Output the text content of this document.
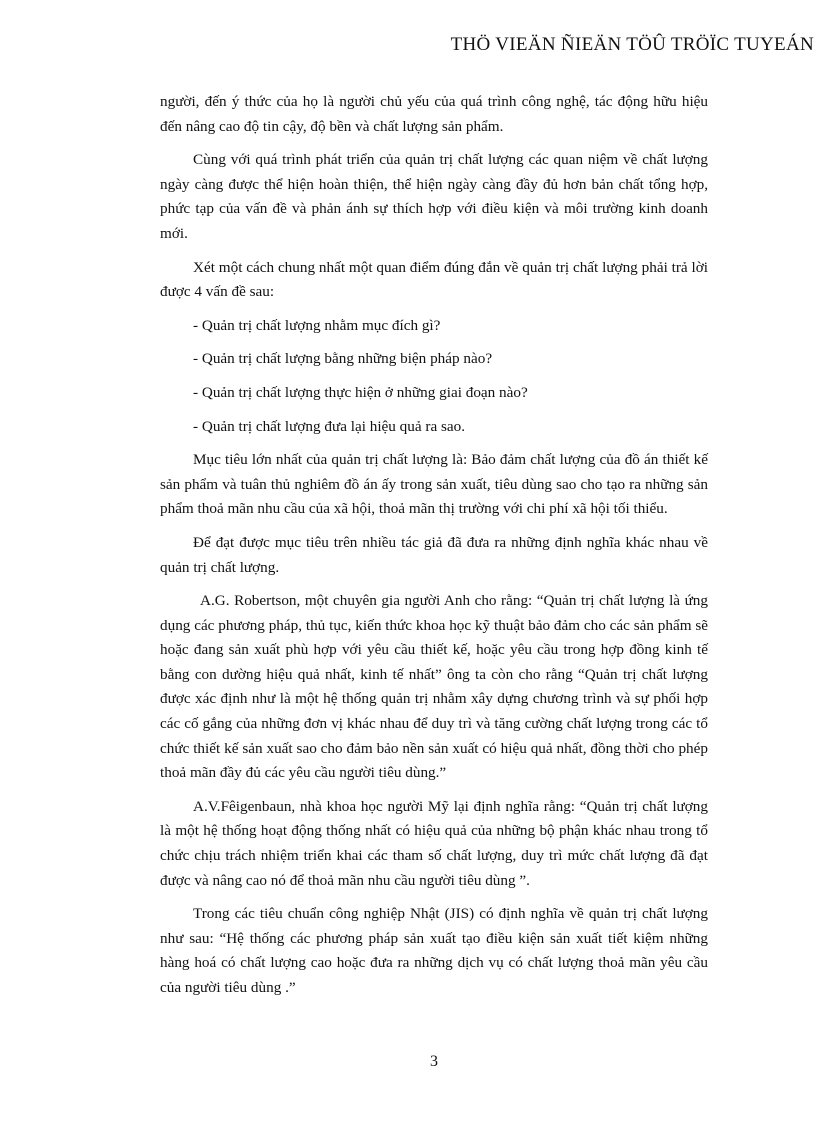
THÖ VIEÄN ÑIEÄN TÖÛ TRÖÏC TUYEÁN

người, đến ý thức của họ là người chủ yếu của quá trình công nghệ, tác động hữu hiệu đến nâng cao độ tin cậy, độ bền và chất lượng sản phẩm.

Cùng với quá trình phát triển của quản trị chất lượng các quan niệm về chất lượng ngày càng được thể hiện hoàn thiện, thể hiện ngày càng đầy đủ hơn bản chất tổng hợp, phức tạp của vấn đề và phản ánh sự thích hợp với điều kiện và môi trường kinh doanh mới.

Xét một cách chung nhất một quan điểm đúng đắn về quản trị chất lượng phải trả lời được 4 vấn đề sau:

- Quản trị chất lượng nhằm mục đích gì?

- Quản trị chất lượng bằng những biện pháp nào?

- Quản trị chất lượng thực hiện ở những giai đoạn nào?

- Quản trị chất lượng đưa lại hiệu quả ra sao.

Mục tiêu lớn nhất của quản trị chất lượng là: Bảo đảm chất lượng của đồ án thiết kế sản phẩm và tuân thủ nghiêm đồ án ấy trong sản xuất, tiêu dùng sao cho tạo ra những sản phẩm thoả mãn nhu cầu của xã hội, thoả mãn thị trường với chi phí xã hội tối thiểu.

Để đạt được mục tiêu trên nhiều tác giả đã đưa ra những định nghĩa khác nhau về quản trị chất lượng.

A.G. Robertson, một chuyên gia người Anh cho rằng: “Quản trị chất lượng là ứng dụng các phương pháp, thủ tục, kiến thức khoa học kỹ thuật bảo đảm cho các sản phẩm sẽ hoặc đang sản xuất phù hợp với yêu cầu thiết kế, hoặc yêu cầu trong hợp đồng kinh tế bằng con dường hiệu quả nhất, kinh tế nhất” ông ta còn cho rằng “Quản trị chất lượng được xác định như là một hệ thống quản trị nhằm xây dựng chương trình và sự phối hợp các cố gắng của những đơn vị khác nhau để duy trì và tăng cường chất lượng trong các tổ chức thiết kế sản xuất sao cho đảm bảo nền sản xuất có hiệu quả nhất, đồng thời cho phép thoả mãn đầy đủ các yêu cầu người tiêu dùng.”

A.V.Fêigenbaun, nhà khoa học người Mỹ lại định nghĩa rằng: “Quản trị chất lượng là một hệ thống hoạt động thống nhất có hiệu quả của những bộ phận khác nhau trong tổ chức chịu trách nhiệm triển khai các tham số chất lượng, duy trì mức chất lượng đã đạt được và nâng cao nó để thoả mãn nhu cầu người tiêu dùng ”.

Trong các tiêu chuẩn công nghiệp Nhật (JIS) có định nghĩa về quản trị chất lượng như sau: “Hệ thống các phương pháp sản xuất tạo điều kiện sản xuất tiết kiệm những hàng hoá có chất lượng cao hoặc đưa ra những dịch vụ có chất lượng thoả mãn yêu cầu của người tiêu dùng .”

3
